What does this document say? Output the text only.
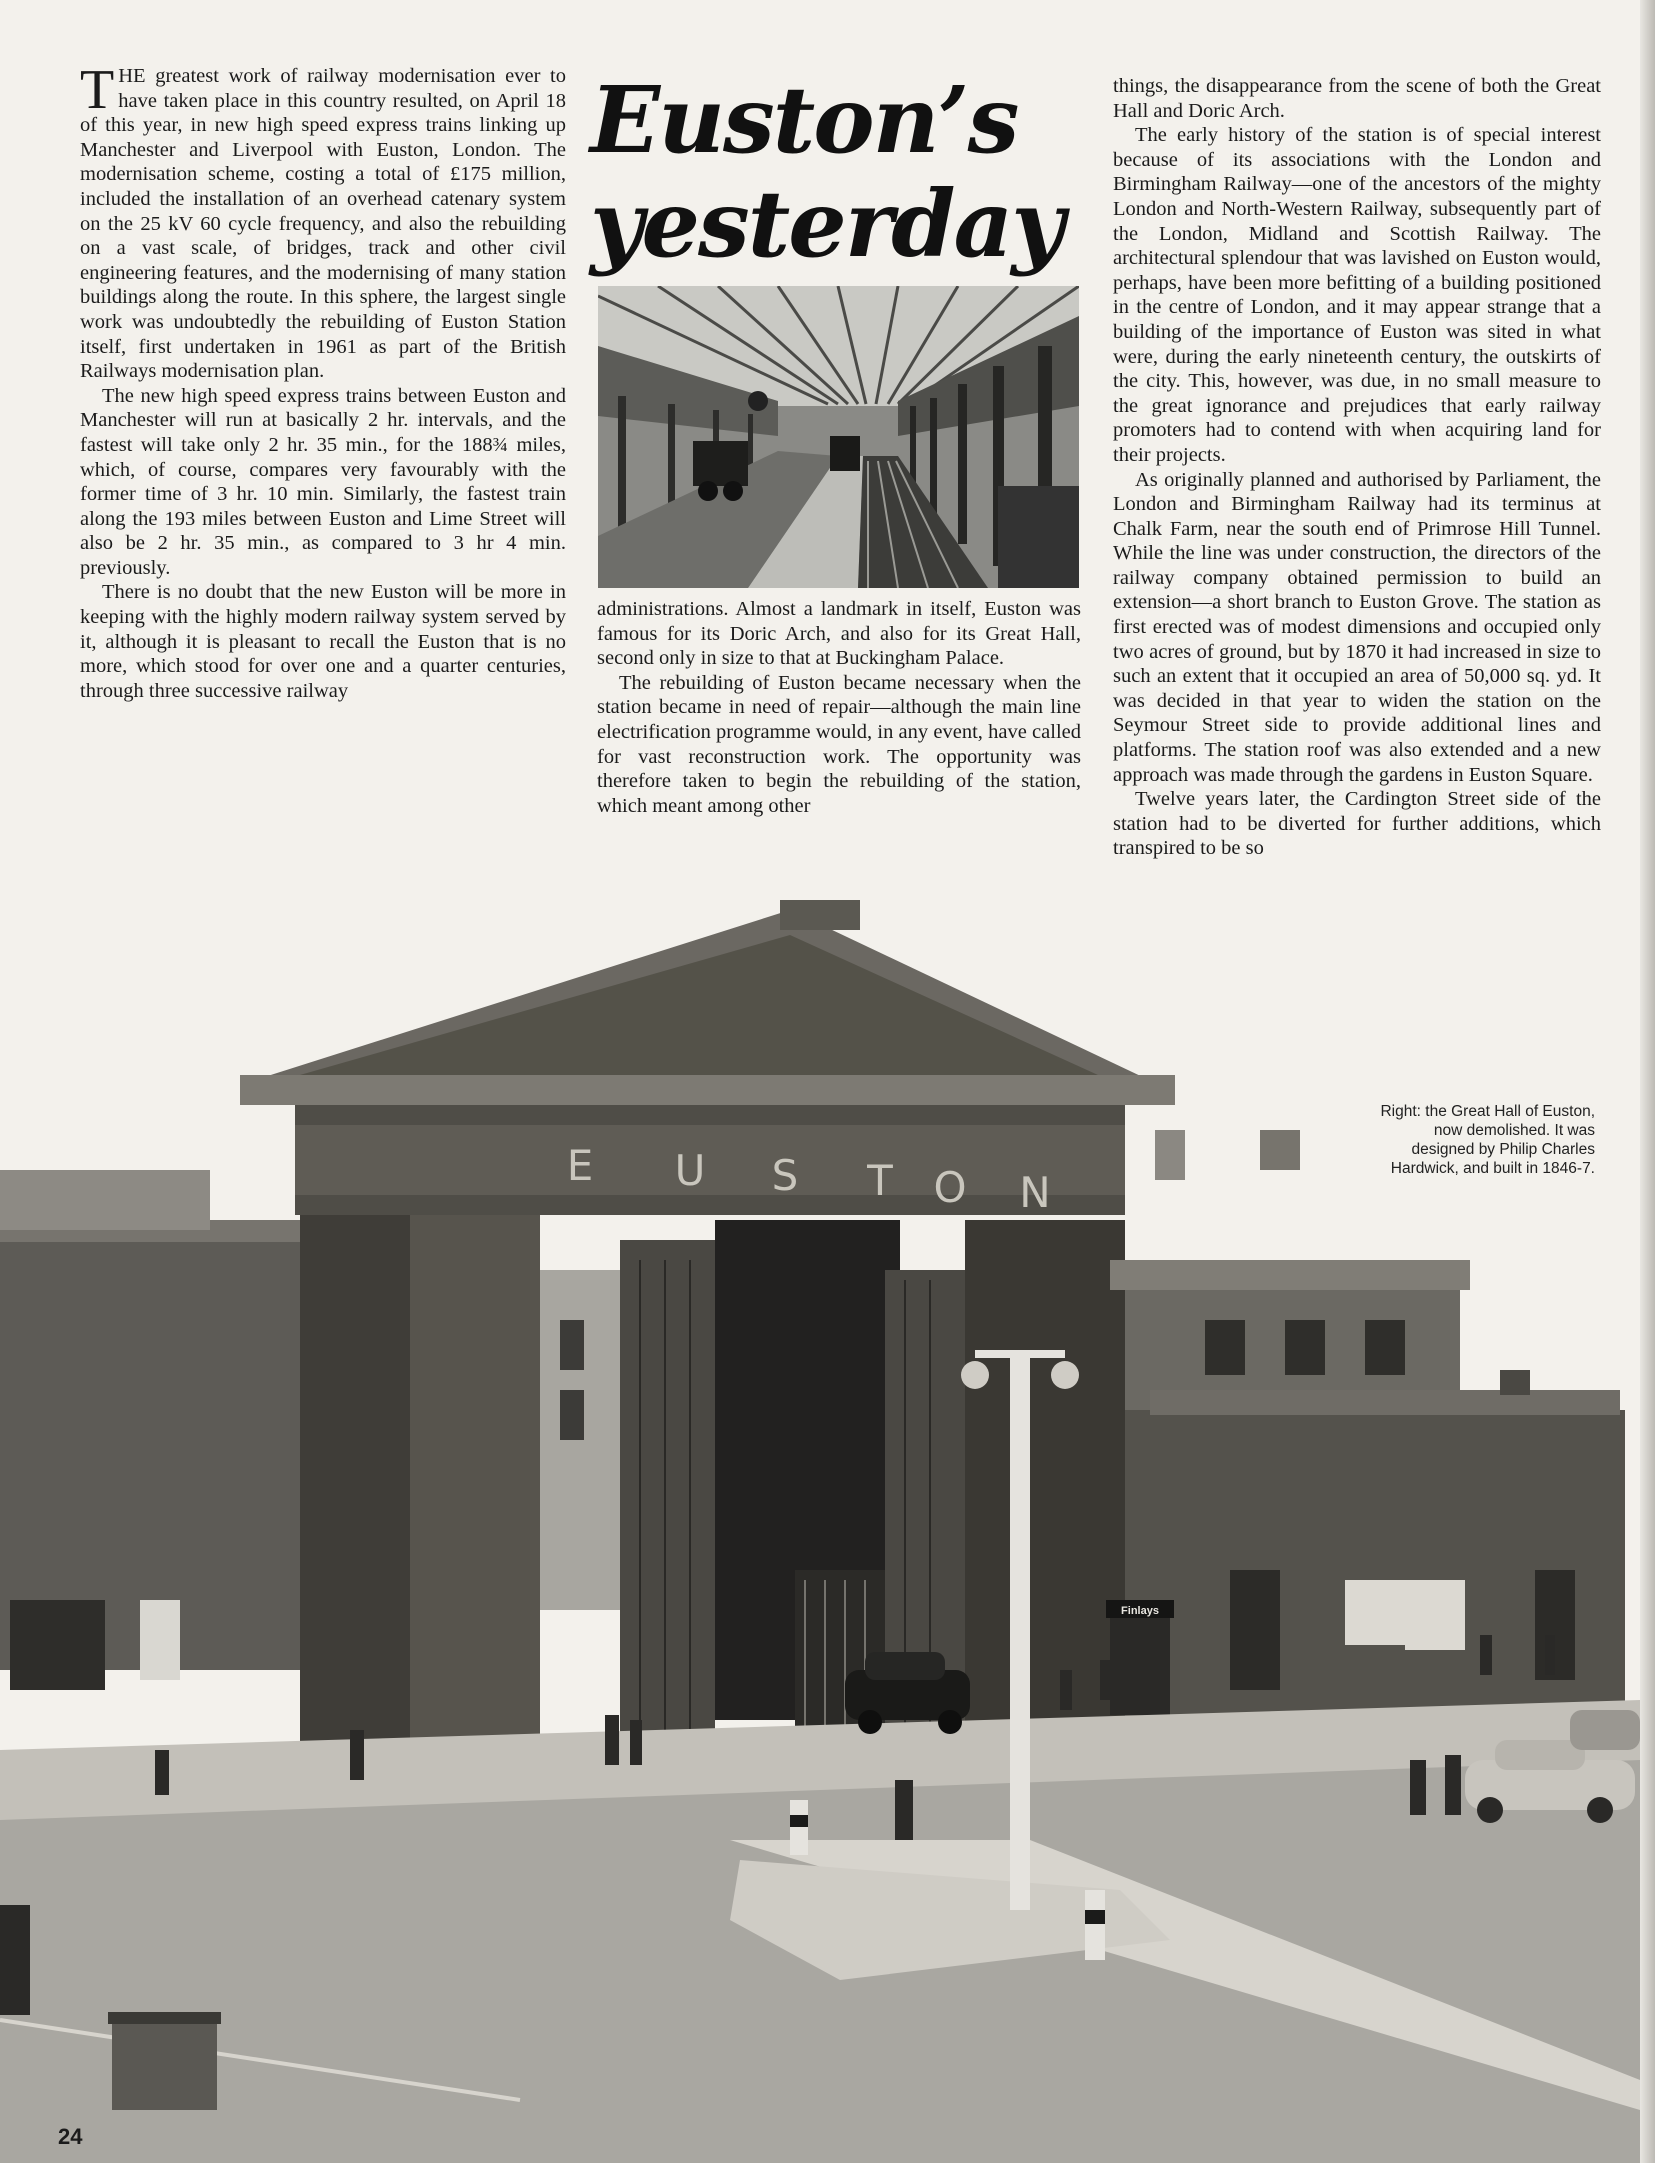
THE greatest work of railway modernisation ever to have taken place in this country resulted, on April 18 of this year, in new high speed express trains linking up Manchester and Liverpool with Euston, London. The modernisation scheme, costing a total of £175 million, included the installation of an overhead catenary system on the 25 kV 60 cycle frequency, and also the rebuilding on a vast scale, of bridges, track and other civil engineering features, and the modernising of many station buildings along the route. In this sphere, the largest single work was undoubtedly the rebuilding of Euston Station itself, first undertaken in 1961 as part of the British Railways modernisation plan.

The new high speed express trains between Euston and Manchester will run at basically 2 hr. intervals, and the fastest will take only 2 hr. 35 min., for the 188¾ miles, which, of course, compares very favourably with the former time of 3 hr. 10 min. Similarly, the fastest train along the 193 miles between Euston and Lime Street will also be 2 hr. 35 min., as compared to 3 hr 4 min. previously.

There is no doubt that the new Euston will be more in keeping with the highly modern railway system served by it, although it is pleasant to recall the Euston that is no more, which stood for over one and a quarter centuries, through three successive railway

Euston’s
yesterday

administrations. Almost a landmark in itself, Euston was famous for its Doric Arch, and also for its Great Hall, second only in size to that at Buckingham Palace.

The rebuilding of Euston became necessary when the station became in need of repair—although the main line electrification programme would, in any event, have called for vast reconstruction work. The opportunity was therefore taken to begin the rebuilding of the station, which meant among other

things, the disappearance from the scene of both the Great Hall and Doric Arch.

The early history of the station is of special interest because of its associations with the London and Birmingham Railway—one of the ancestors of the mighty London and North-Western Railway, subsequently part of the London, Midland and Scottish Railway. The architectural splendour that was lavished on Euston would, perhaps, have been more befitting of a building positioned in the centre of London, and it may appear strange that a building of the importance of Euston was sited in what were, during the early nineteenth century, the outskirts of the city. This, however, was due, in no small measure to the great ignorance and prejudices that early railway promoters had to contend with when acquiring land for their projects.

As originally planned and authorised by Parliament, the London and Birmingham Railway had its terminus at Chalk Farm, near the south end of Primrose Hill Tunnel. While the line was under construction, the directors of the railway company obtained permission to build an extension—a short branch to Euston Grove. The station as first erected was of modest dimensions and occupied only two acres of ground, but by 1870 it had increased in size to such an extent that it occupied an area of 50,000 sq. yd. It was decided in that year to widen the station on the Seymour Street side to provide additional lines and platforms. The station roof was also extended and a new approach was made through the gardens in Euston Square.

Twelve years later, the Cardington Street side of the station had to be diverted for further additions, which transpired to be so

E U S T O N
Finlays
Right: the Great Hall of Euston, now demolished. It was designed by Philip Charles Hardwick, and built in 1846-7.
24
